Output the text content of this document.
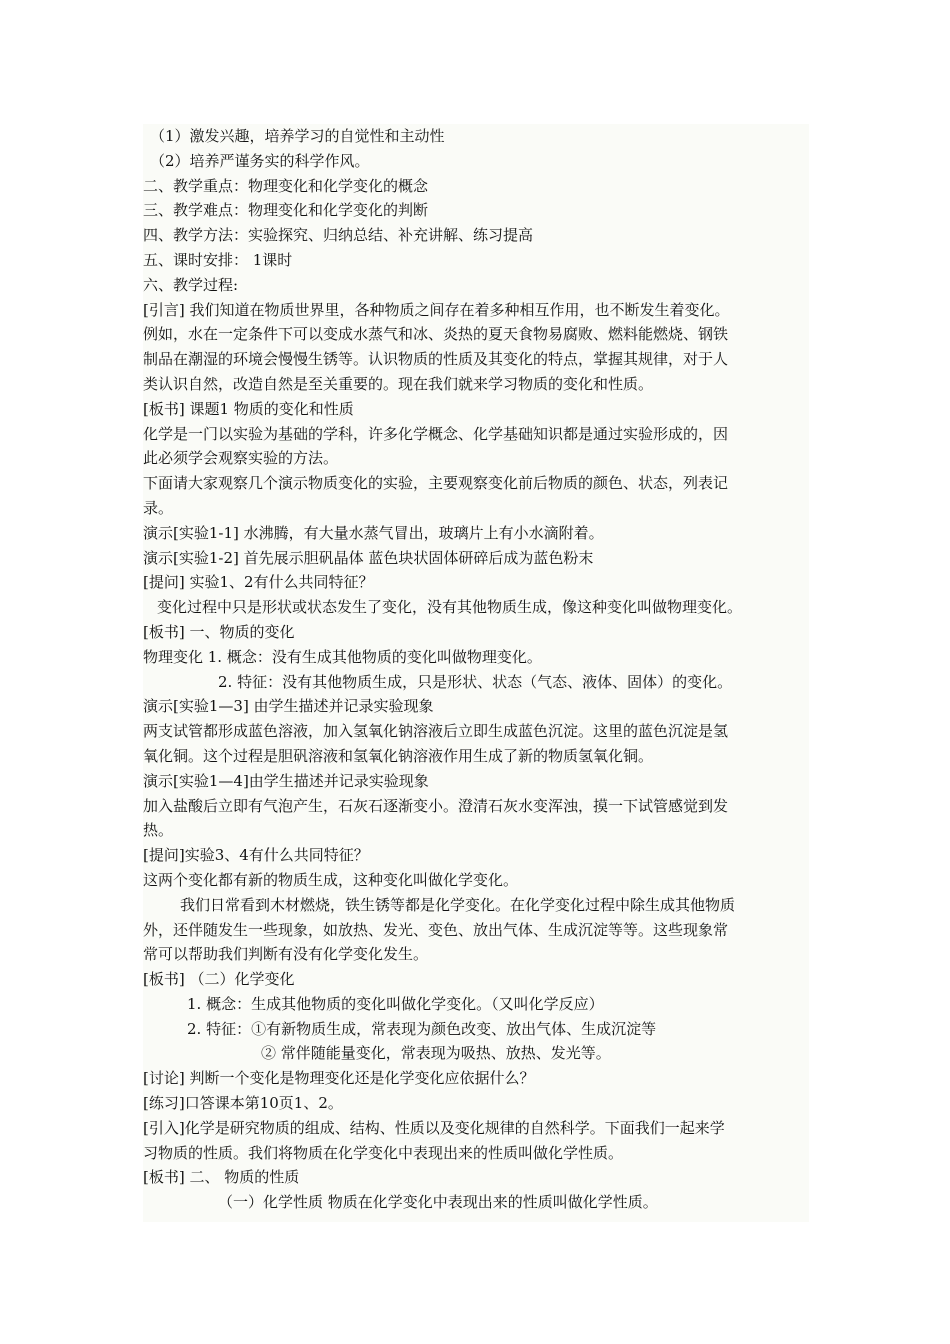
（1）激发兴趣，培养学习的自觉性和主动性
（2）培养严谨务实的科学作风。
二、教学重点：物理变化和化学变化的概念
三、教学难点：物理变化和化学变化的判断
四、教学方法：实验探究、归纳总结、补充讲解、练习提高
五、课时安排： 1课时
六、教学过程:
[引言] 我们知道在物质世界里，各种物质之间存在着多种相互作用，也不断发生着变化。
例如，水在一定条件下可以变成水蒸气和冰、炎热的夏天食物易腐败、燃料能燃烧、钢铁
制品在潮湿的环境会慢慢生锈等。认识物质的性质及其变化的特点，掌握其规律，对于人
类认识自然，改造自然是至关重要的。现在我们就来学习物质的变化和性质。
[板书] 课题1 物质的变化和性质
化学是一门以实验为基础的学科，许多化学概念、化学基础知识都是通过实验形成的，因
此必须学会观察实验的方法。
下面请大家观察几个演示物质变化的实验，主要观察变化前后物质的颜色、状态，列表记
录。
演示[实验1-1] 水沸腾，有大量水蒸气冒出，玻璃片上有小水滴附着。
演示[实验1-2] 首先展示胆矾晶体 蓝色块状固体研碎后成为蓝色粉末
[提问] 实验1、2有什么共同特征？
变化过程中只是形状或状态发生了变化，没有其他物质生成，像这种变化叫做物理变化。
[板书] 一、物质的变化
物理变化 1. 概念：没有生成其他物质的变化叫做物理变化。
2. 特征：没有其他物质生成，只是形状、状态（气态、液体、固体）的变化。
演示[实验1—3] 由学生描述并记录实验现象
两支试管都形成蓝色溶液，加入氢氧化钠溶液后立即生成蓝色沉淀。这里的蓝色沉淀是氢
氧化铜。这个过程是胆矾溶液和氢氧化钠溶液作用生成了新的物质氢氧化铜。
演示[实验1—4]由学生描述并记录实验现象
加入盐酸后立即有气泡产生，石灰石逐渐变小。澄清石灰水变浑浊，摸一下试管感觉到发
热。
[提问]实验3、4有什么共同特征？
这两个变化都有新的物质生成，这种变化叫做化学变化。
我们日常看到木材燃烧，铁生锈等都是化学变化。在化学变化过程中除生成其他物质
外，还伴随发生一些现象，如放热、发光、变色、放出气体、生成沉淀等等。这些现象常
常可以帮助我们判断有没有化学变化发生。
[板书] （二）化学变化
1. 概念：生成其他物质的变化叫做化学变化。（又叫化学反应）
2. 特征：①有新物质生成，常表现为颜色改变、放出气体、生成沉淀等
② 常伴随能量变化，常表现为吸热、放热、发光等。
[讨论] 判断一个变化是物理变化还是化学变化应依据什么？
[练习]口答课本第10页1、2。
[引入]化学是研究物质的组成、结构、性质以及变化规律的自然科学。下面我们一起来学
习物质的性质。我们将物质在化学变化中表现出来的性质叫做化学性质。
[板书] 二、 物质的性质
（一）化学性质 物质在化学变化中表现出来的性质叫做化学性质。
